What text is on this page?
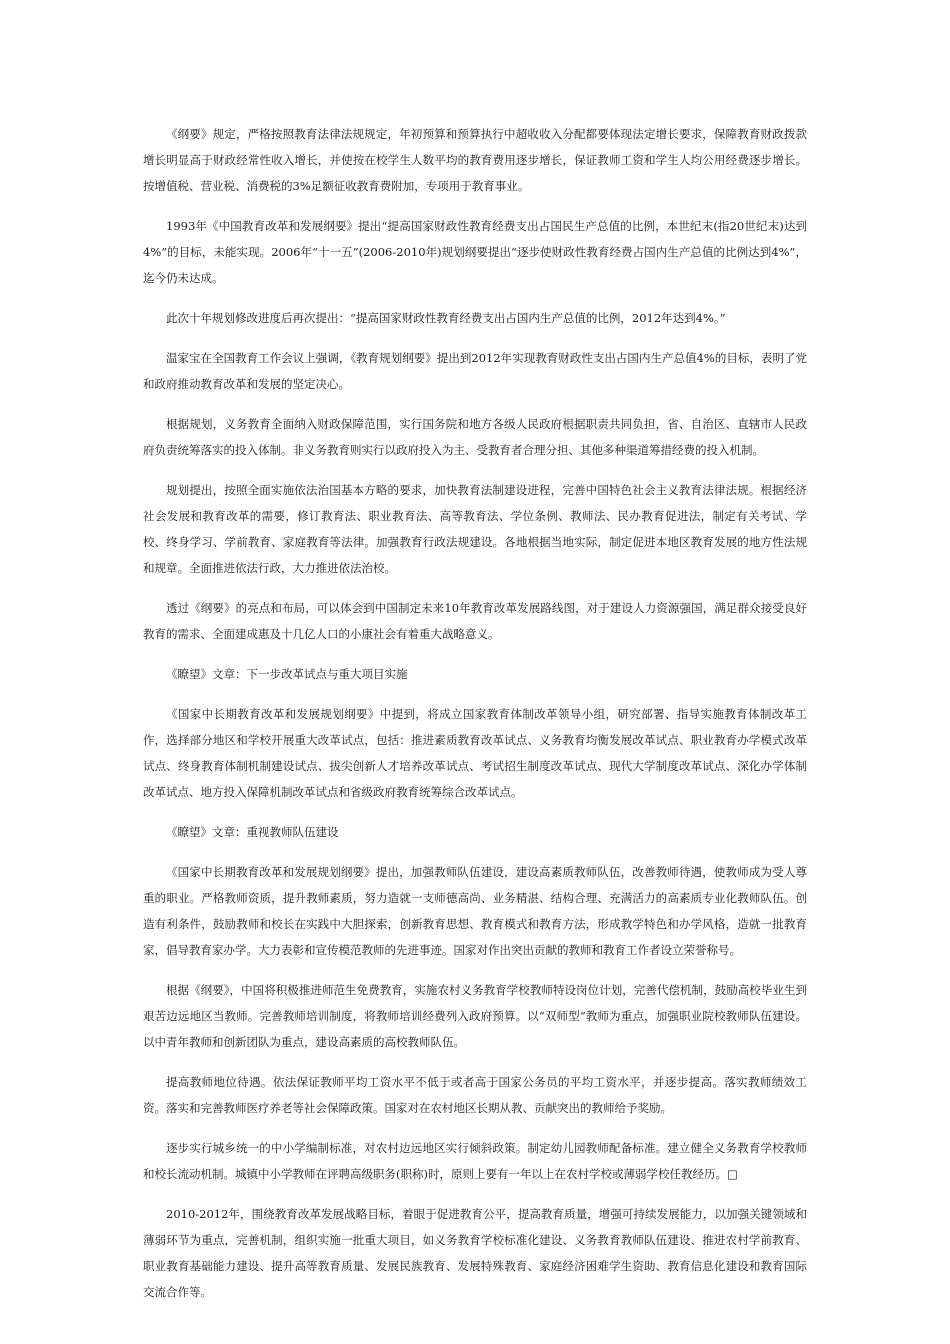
《纲要》规定，严格按照教育法律法规规定，年初预算和预算执行中超收收入分配都要体现法定增长要求，保障教育财政拨款增长明显高于财政经常性收入增长，并使按在校学生人数平均的教育费用逐步增长，保证教师工资和学生人均公用经费逐步增长。按增值税、营业税、消费税的3%足额征收教育费附加，专项用于教育事业。

1993年《中国教育改革和发展纲要》提出“提高国家财政性教育经费支出占国民生产总值的比例，本世纪末(指20世纪末)达到4%”的目标，未能实现。2006年“十一五”(2006-2010年)规划纲要提出“逐步使财政性教育经费占国内生产总值的比例达到4%”，迄今仍未达成。

此次十年规划修改进度后再次提出：“提高国家财政性教育经费支出占国内生产总值的比例，2012年达到4%。”

温家宝在全国教育工作会议上强调，《教育规划纲要》提出到2012年实现教育财政性支出占国内生产总值4%的目标，表明了党和政府推动教育改革和发展的坚定决心。

根据规划，义务教育全面纳入财政保障范围，实行国务院和地方各级人民政府根据职责共同负担，省、自治区、直辖市人民政府负责统筹落实的投入体制。非义务教育则实行以政府投入为主、受教育者合理分担、其他多种渠道筹措经费的投入机制。

规划提出，按照全面实施依法治国基本方略的要求，加快教育法制建设进程，完善中国特色社会主义教育法律法规。根据经济社会发展和教育改革的需要，修订教育法、职业教育法、高等教育法、学位条例、教师法、民办教育促进法，制定有关考试、学校、终身学习、学前教育、家庭教育等法律。加强教育行政法规建设。各地根据当地实际，制定促进本地区教育发展的地方性法规和规章。全面推进依法行政，大力推进依法治校。

透过《纲要》的亮点和布局，可以体会到中国制定未来10年教育改革发展路线图，对于建设人力资源强国，满足群众接受良好教育的需求、全面建成惠及十几亿人口的小康社会有着重大战略意义。

《瞭望》文章：下一步改革试点与重大项目实施

《国家中长期教育改革和发展规划纲要》中提到，将成立国家教育体制改革领导小组，研究部署、指导实施教育体制改革工作，选择部分地区和学校开展重大改革试点，包括：推进素质教育改革试点、义务教育均衡发展改革试点、职业教育办学模式改革试点、终身教育体制机制建设试点、拔尖创新人才培养改革试点、考试招生制度改革试点、现代大学制度改革试点、深化办学体制改革试点、地方投入保障机制改革试点和省级政府教育统筹综合改革试点。

《瞭望》文章：重视教师队伍建设

《国家中长期教育改革和发展规划纲要》提出，加强教师队伍建设，建设高素质教师队伍，改善教师待遇，使教师成为受人尊重的职业。严格教师资质，提升教师素质，努力造就一支师德高尚、业务精湛、结构合理、充满活力的高素质专业化教师队伍。创造有利条件，鼓励教师和校长在实践中大胆探索，创新教育思想、教育模式和教育方法，形成教学特色和办学风格，造就一批教育家，倡导教育家办学。大力表彰和宣传模范教师的先进事迹。国家对作出突出贡献的教师和教育工作者设立荣誉称号。

根据《纲要》，中国将积极推进师范生免费教育，实施农村义务教育学校教师特设岗位计划，完善代偿机制，鼓励高校毕业生到艰苦边远地区当教师。完善教师培训制度，将教师培训经费列入政府预算。以“双师型”教师为重点，加强职业院校教师队伍建设。以中青年教师和创新团队为重点，建设高素质的高校教师队伍。

提高教师地位待遇。依法保证教师平均工资水平不低于或者高于国家公务员的平均工资水平，并逐步提高。落实教师绩效工资。落实和完善教师医疗养老等社会保障政策。国家对在农村地区长期从教、贡献突出的教师给予奖励。

逐步实行城乡统一的中小学编制标准，对农村边远地区实行倾斜政策。制定幼儿园教师配备标准。建立健全义务教育学校教师和校长流动机制。城镇中小学教师在评聘高级职务(职称)时，原则上要有一年以上在农村学校或薄弱学校任教经历。□

2010-2012年，围绕教育改革发展战略目标，着眼于促进教育公平，提高教育质量，增强可持续发展能力，以加强关键领域和薄弱环节为重点，完善机制，组织实施一批重大项目，如义务教育学校标准化建设、义务教育教师队伍建设、推进农村学前教育、职业教育基础能力建设、提升高等教育质量、发展民族教育、发展特殊教育、家庭经济困难学生资助、教育信息化建设和教育国际交流合作等。
